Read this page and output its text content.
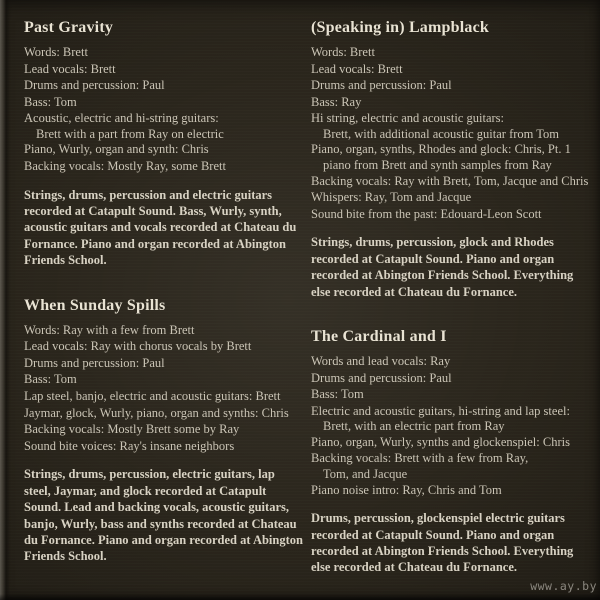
Past Gravity
Words: Brett
Lead vocals: Brett
Drums and percussion: Paul
Bass: Tom
Acoustic, electric and hi-string guitars:
Brett with a part from Ray on electric
Piano, Wurly, organ and synth: Chris
Backing vocals: Mostly Ray, some Brett

Strings, drums, percussion and electric guitars recorded at Catapult Sound. Bass, Wurly, synth, acoustic guitars and vocals recorded at Chateau du Fornance. Piano and organ recorded at Abington Friends School.

When Sunday Spills
Words: Ray with a few from Brett
Lead vocals: Ray with chorus vocals by Brett
Drums and percussion: Paul
Bass: Tom
Lap steel, banjo, electric and acoustic guitars: Brett
Jaymar, glock, Wurly, piano, organ and synths: Chris
Backing vocals: Mostly Brett some by Ray
Sound bite voices: Ray's insane neighbors

Strings, drums, percussion, electric guitars, lap steel, Jaymar, and glock recorded at Catapult Sound. Lead and backing vocals, acoustic guitars, banjo, Wurly, bass and synths recorded at Chateau du Fornance. Piano and organ recorded at Abington Friends School.

(Speaking in) Lampblack
Words: Brett
Lead vocals: Brett
Drums and percussion: Paul
Bass: Ray
Hi string, electric and acoustic guitars:
Brett, with additional acoustic guitar from Tom
Piano, organ, synths, Rhodes and glock: Chris, Pt. 1
piano from Brett and synth samples from Ray
Backing vocals: Ray with Brett, Tom, Jacque and Chris
Whispers: Ray, Tom and Jacque
Sound bite from the past: Edouard-Leon Scott

Strings, drums, percussion, glock and Rhodes recorded at Catapult Sound. Piano and organ recorded at Abington Friends School. Everything else recorded at Chateau du Fornance.

The Cardinal and I
Words and lead vocals: Ray
Drums and percussion: Paul
Bass: Tom
Electric and acoustic guitars, hi-string and lap steel:
Brett, with an electric part from Ray
Piano, organ, Wurly, synths and glockenspiel: Chris
Backing vocals: Brett with a few from Ray,
Tom, and Jacque
Piano noise intro: Ray, Chris and Tom

Drums, percussion, glockenspiel electric guitars recorded at Catapult Sound. Piano and organ recorded at Abington Friends School. Everything else recorded at Chateau du Fornance.

www.ay.by
